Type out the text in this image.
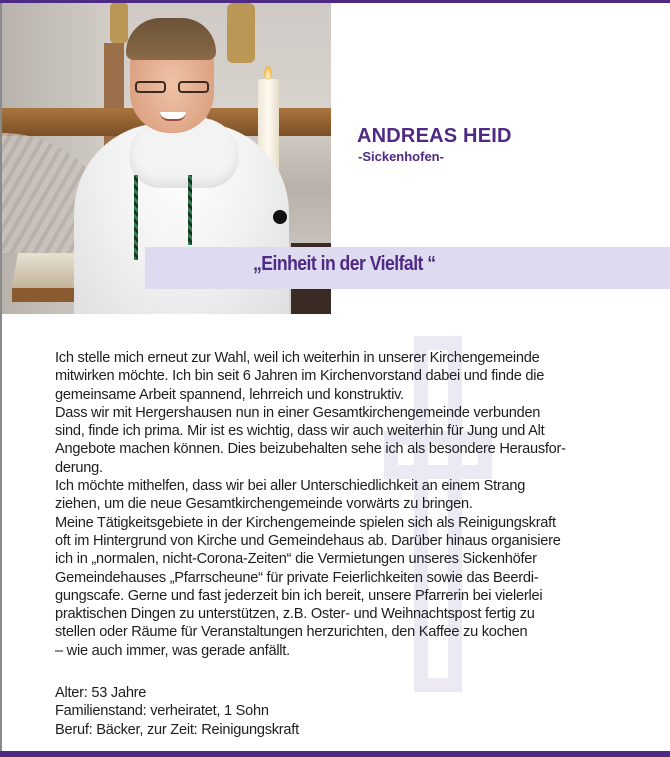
ANDREAS HEID
-Sickenhofen-
„Einheit in der Vielfalt “

Ich stelle mich erneut zur Wahl, weil ich weiterhin in unserer Kirchengemeinde

mitwirken möchte. Ich bin seit 6 Jahren im Kirchenvorstand dabei und finde die

gemeinsame Arbeit spannend, lehrreich und konstruktiv.

Dass wir mit Hergershausen nun in einer Gesamtkirchengemeinde verbunden

sind, finde ich prima. Mir ist es wichtig, dass wir auch weiterhin für Jung und Alt

Angebote machen können. Dies beizubehalten sehe ich als besondere Herausfor-

derung.

Ich möchte mithelfen, dass wir bei aller Unterschiedlichkeit an einem Strang

ziehen, um die neue Gesamtkirchengemeinde vorwärts zu bringen.

Meine Tätigkeitsgebiete in der Kirchengemeinde spielen sich als Reinigungskraft

oft im Hintergrund von Kirche und Gemeindehaus ab. Darüber hinaus organisiere

ich in „normalen, nicht-Corona-Zeiten“ die Vermietungen unseres Sickenhöfer

Gemeindehauses „Pfarrscheune“ für private Feierlichkeiten sowie das Beerdi-

gungscafe. Gerne und fast jederzeit bin ich bereit, unsere Pfarrerin bei vielerlei

praktischen Dingen zu unterstützen, z.B. Oster- und Weihnachtspost fertig zu

stellen oder Räume für Veranstaltungen herzurichten, den Kaffee zu kochen

– wie auch immer, was gerade anfällt.

Alter: 53 Jahre
Familienstand: verheiratet, 1 Sohn
Beruf: Bäcker, zur Zeit: Reinigungskraft
